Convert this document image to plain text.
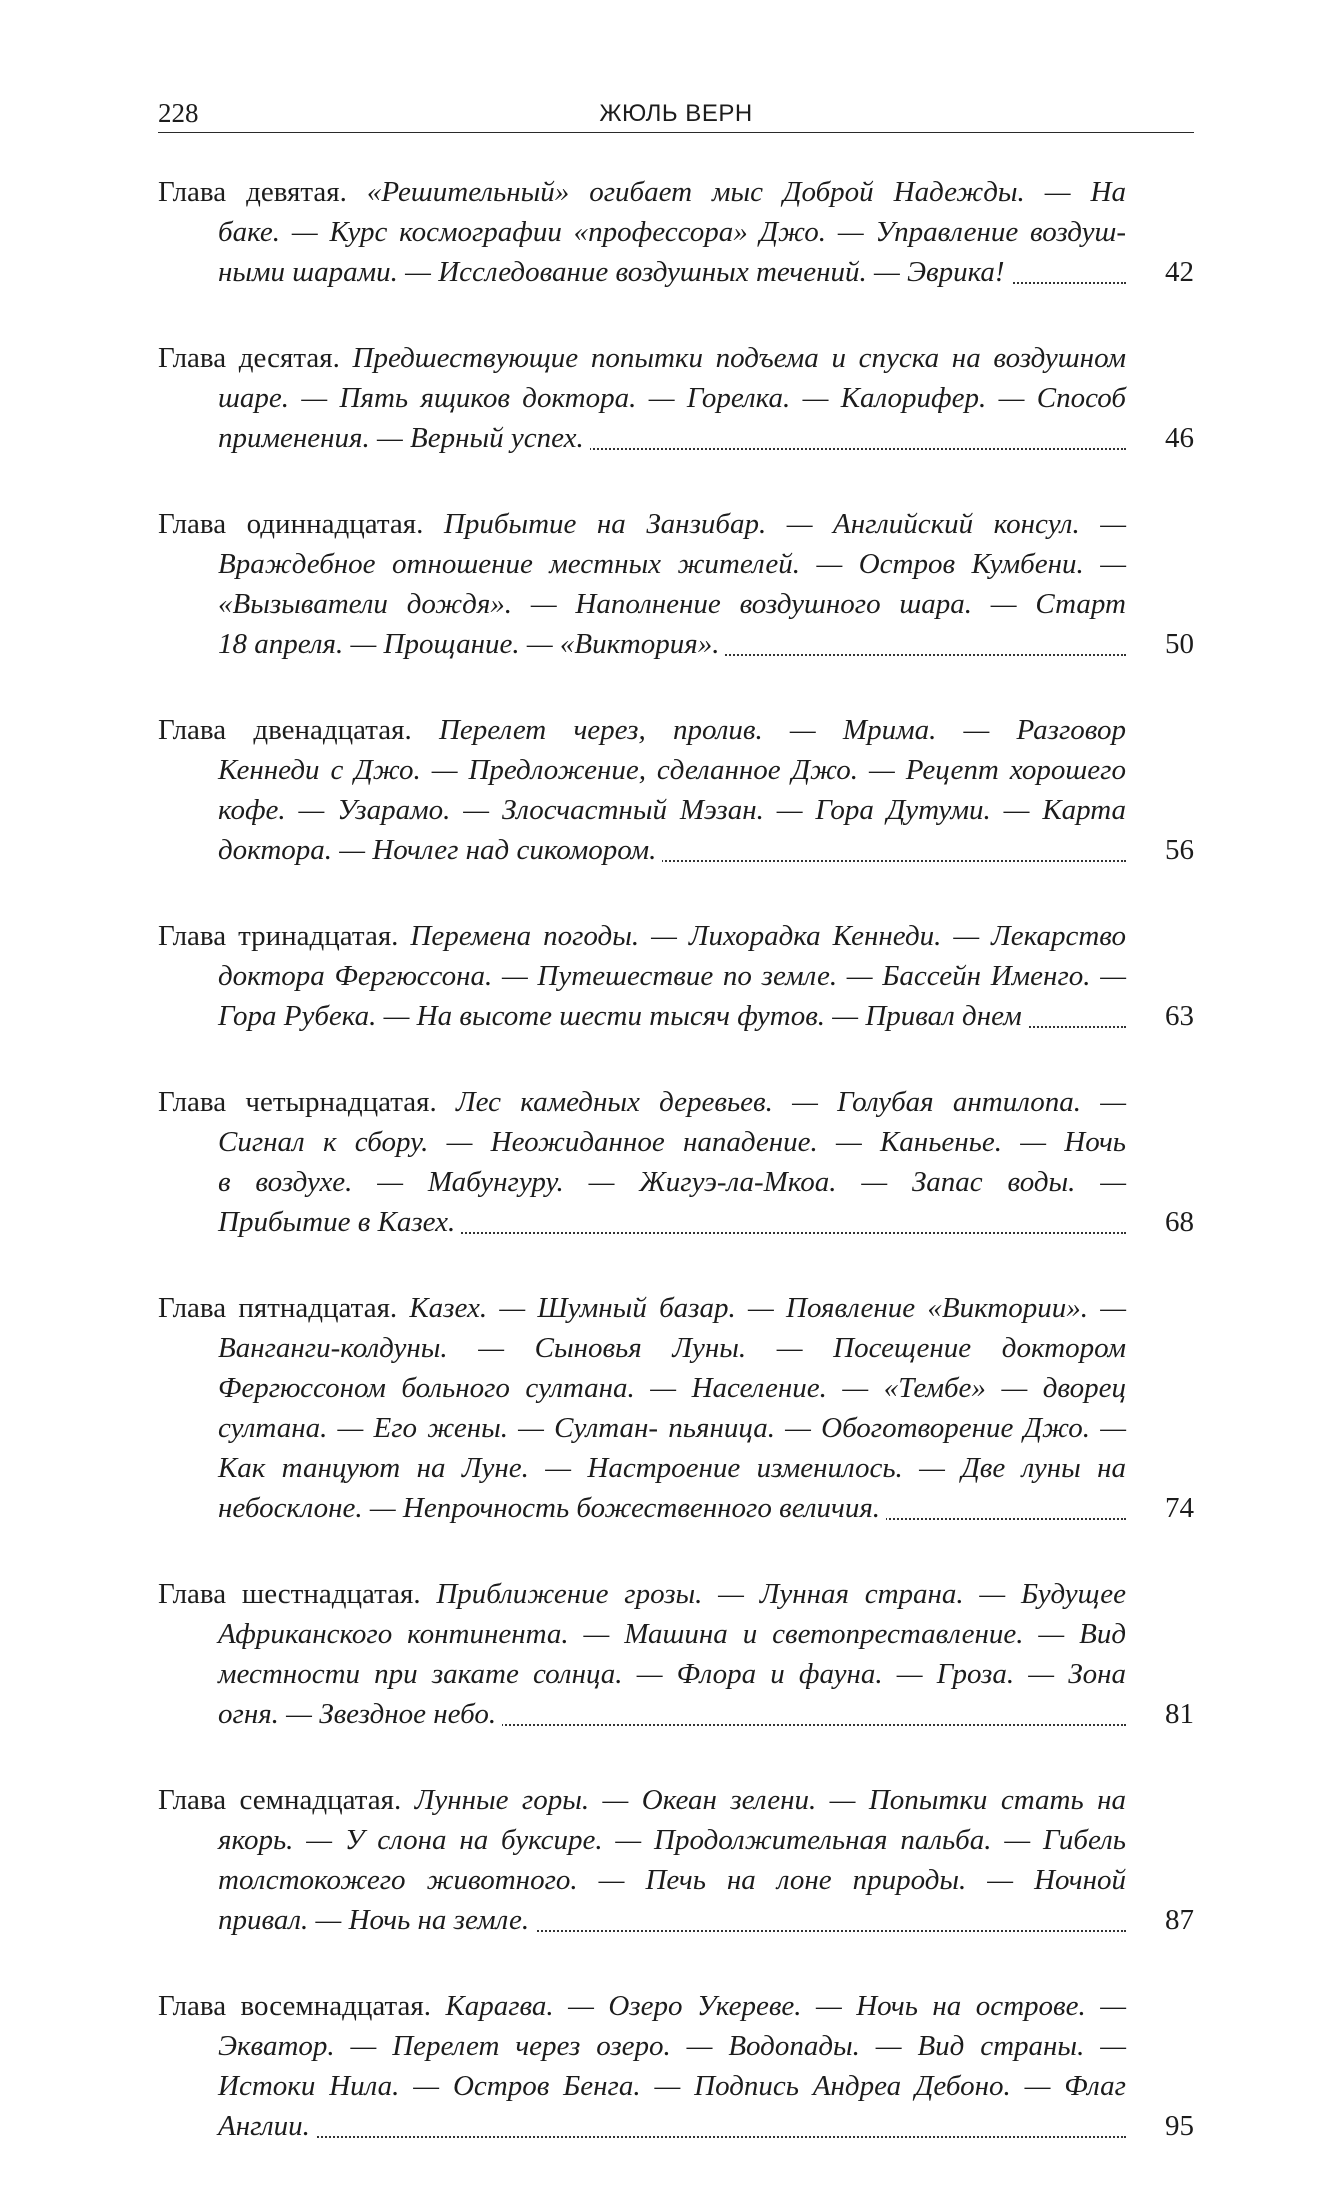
228	ЖЮЛЬ ВЕРН
Глава девятая. «Решительный» огибает мыс Доброй Надежды. — На
баке. — Курс космографии «профессора» Джо. — Управление воздуш-
ными шарами. — Исследование воздушных течений. — Эврика!	42
Глава десятая. Предшествующие попытки подъема и спуска на воздушном
шаре. — Пять ящиков доктора. — Горелка. — Калорифер. — Способ
применения. — Верный успех.	46
Глава одиннадцатая. Прибытие на Занзибар. — Английский консул. —
Враждебное отношение местных жителей. — Остров Кумбени. —
«Вызыватели дождя». — Наполнение воздушного шара. — Старт
18 апреля. — Прощание. — «Виктория».	50
Глава двенадцатая. Перелет через, пролив. — Мрима. — Разговор
Кеннеди с Джо. — Предложение, сделанное Джо. — Рецепт хорошего
кофе. — Узарамо. — Злосчастный Мэзан. — Гора Дутуми. — Карта
доктора. — Ночлег над сикомором.	56
Глава тринадцатая. Перемена погоды. — Лихорадка Кеннеди. — Лекарство
доктора Фергюссона. — Путешествие по земле. — Бассейн Именго. —
Гора Рубека. — На высоте шести тысяч футов. — Привал днем	63
Глава четырнадцатая. Лес камедных деревьев. — Голубая антилопа. —
Сигнал к сбору. — Неожиданное нападение. — Каньенье. — Ночь
в воздухе. — Мабунгуру. — Жигуэ-ла-Мкоа. — Запас воды. —
Прибытие в Казех.	68
Глава пятнадцатая. Казех. — Шумный базар. — Появление «Виктории». —
Ванганги-колдуны. — Сыновья Луны. — Посещение доктором
Фергюссоном больного султана. — Население. — «Тембе» — дворец
султана. — Его жены. — Султан- пьяница. — Обоготворение Джо. —
Как танцуют на Луне. — Настроение изменилось. — Две луны на
небосклоне. — Непрочность божественного величия.	74
Глава шестнадцатая. Приближение грозы. — Лунная страна. — Будущее
Африканского континента. — Машина и светопреставление. — Вид
местности при закате солнца. — Флора и фауна. — Гроза. — Зона
огня. — Звездное небо.	81
Глава семнадцатая. Лунные горы. — Океан зелени. — Попытки стать на
якорь. — У слона на буксире. — Продолжительная пальба. — Гибель
толстокожего животного. — Печь на лоне природы. — Ночной
привал. — Ночь на земле.	87
Глава восемнадцатая. Карагва. — Озеро Укереве. — Ночь на острове. —
Экватор. — Перелет через озеро. — Водопады. — Вид страны. —
Истоки Нила. — Остров Бенга. — Подпись Андреа Дебоно. — Флаг
Англии.	95
